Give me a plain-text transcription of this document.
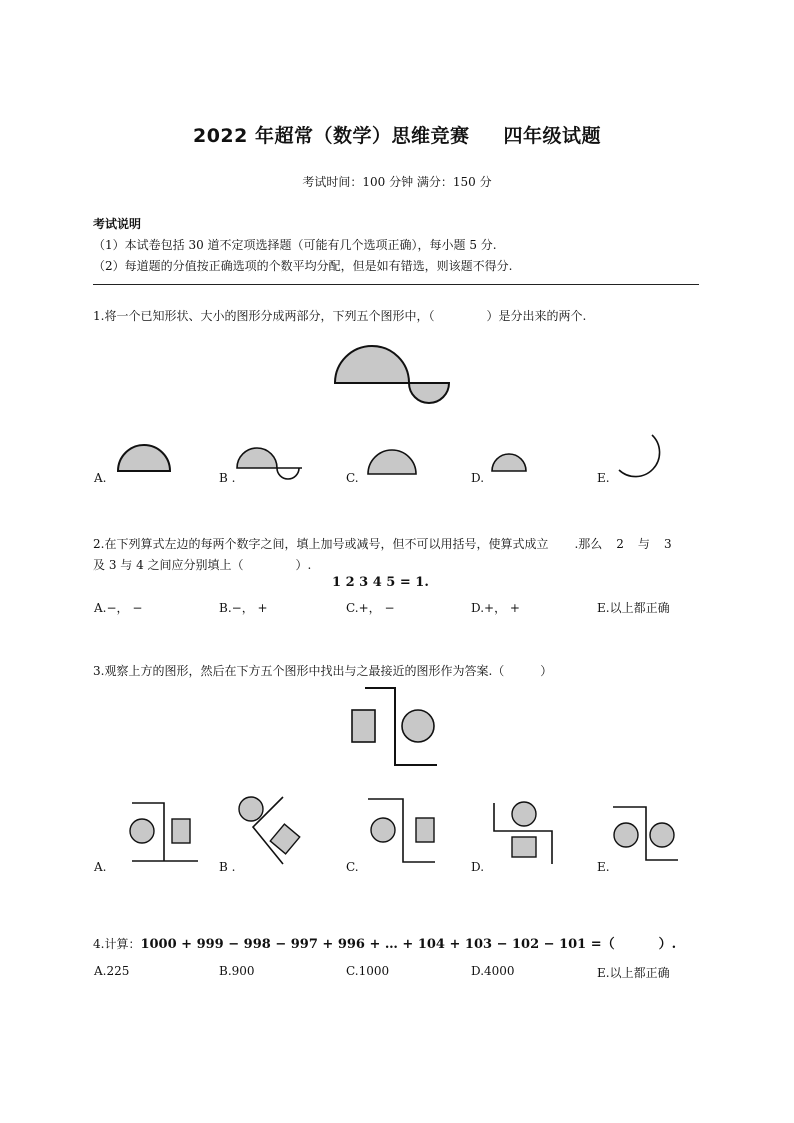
2022 年超常（数学）思维竞赛 四年级试题
考试时间：100 分钟 满分：150 分
考试说明
（1）本试卷包括 30 道不定项选择题（可能有几个选项正确），每小题 5 分.
（2）每道题的分值按正确选项的个数平均分配，但是如有错选，则该题不得分.
1.将一个已知形状、大小的图形分成两部分，下列五个图形中，（	）是分出来的两个.
A.	B .	C.	D.	E.
2.在下列算式左边的每两个数字之间，填上加号或减号，但不可以用括号，使算式成立 .那么 2 与 3
及 3 与 4 之间应分别填上（	）.
1 2 3 4 5 = 1.
A.−， −	B.−， +	C.+， −	D.+， +	E.以上都正确
3.观察上方的图形，然后在下方五个图形中找出与之最接近的图形作为答案.（	）
A.	B .	C.	D.	E.
4.计算：1000 + 999 − 998 − 997 + 996 + … + 104 + 103 − 102 − 101 =（	）.
A.225	B.900	C.1000	D.4000	E.以上都正确
